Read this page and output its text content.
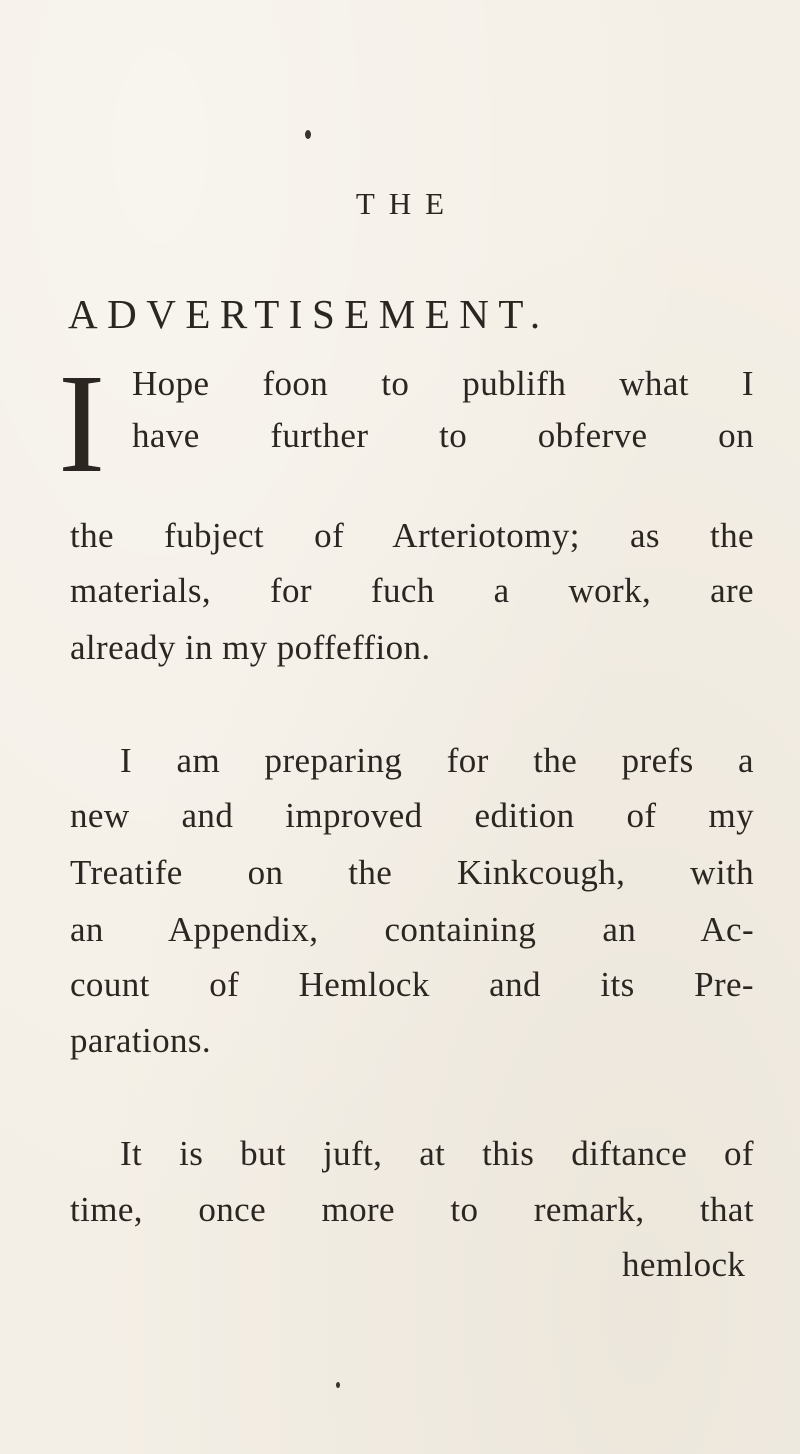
THE
ADVERTISEMENT.
I Hope foon to publifh what I
have further to obferve on
the fubject of Arteriotomy; as the
materials, for fuch a work, are
already in my poffeffion.
I am preparing for the prefs a
new and improved edition of my
Treatife on the Kinkcough, with
an Appendix, containing an Ac-
count of Hemlock and its Pre-
parations.
It is but juft, at this diftance of
time, once more to remark, that
hemlock
